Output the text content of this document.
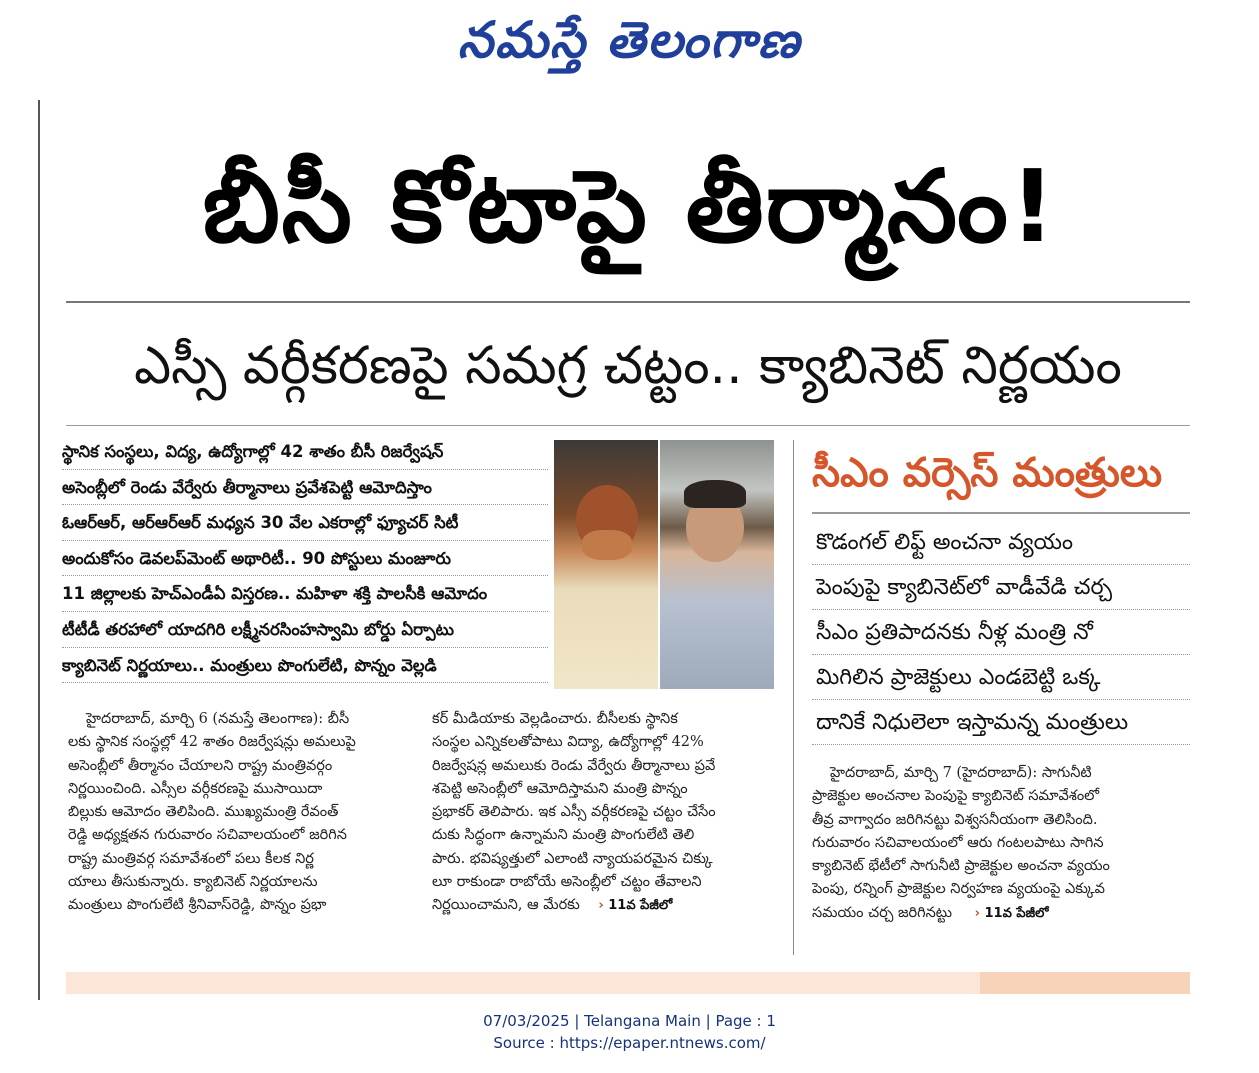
నమస్తే తెలంగాణ
బీసీ కోటాపై తీర్మానం!
ఎస్సీ వర్గీకరణపై సమగ్ర చట్టం.. క్యాబినెట్ నిర్ణయం
స్థానిక సంస్థలు, విద్య, ఉద్యోగాల్లో 42 శాతం బీసీ రిజర్వేషన్
అసెంబ్లీలో రెండు వేర్వేరు తీర్మానాలు ప్రవేశపెట్టి ఆమోదిస్తాం
ఓఆర్ఆర్, ఆర్ఆర్ఆర్ మధ్యన 30 వేల ఎకరాల్లో ఫ్యూచర్ సిటీ
అందుకోసం డెవలప్‌మెంట్ అథారిటీ.. 90 పోస్టులు మంజూరు
11 జిల్లాలకు హెచ్ఎండీఏ విస్తరణ.. మహిళా శక్తి పాలసీకి ఆమోదం
టీటీడీ తరహాలో యాదగిరి లక్ష్మీనరసింహస్వామి బోర్డు ఏర్పాటు
క్యాబినెట్ నిర్ణయాలు.. మంత్రులు పొంగులేటి, పొన్నం వెల్లడి
సీఎం వర్సెస్ మంత్రులు
కొడంగల్ లిఫ్ట్ అంచనా వ్యయం
పెంపుపై క్యాబినెట్‌లో వాడీవేడి చర్చ
సీఎం ప్రతిపాదనకు నీళ్ల మంత్రి నో
మిగిలిన ప్రాజెక్టులు ఎండబెట్టి ఒక్క
దానికే నిధులెలా ఇస్తామన్న మంత్రులు

హైదరాబాద్, మార్చి 6 (నమస్తే తెలంగాణ): బీసీ

లకు స్థానిక సంస్థల్లో 42 శాతం రిజర్వేషన్లు అమలుపై

అసెంబ్లీలో తీర్మానం చేయాలని రాష్ట్ర మంత్రివర్గం

నిర్ణయించింది. ఎస్సీల వర్గీకరణపై ముసాయిదా

బిల్లుకు ఆమోదం తెలిపింది. ముఖ్యమంత్రి రేవంత్

రెడ్డి అధ్యక్షతన గురువారం సచివాలయంలో జరిగిన

రాష్ట్ర మంత్రివర్గ సమావేశంలో పలు కీలక నిర్ణ

యాలు తీసుకున్నారు. క్యాబినెట్ నిర్ణయాలను

మంత్రులు పొంగులేటి శ్రీనివాస్‌రెడ్డి, పొన్నం ప్రభా

కర్ మీడియాకు వెల్లడించారు. బీసీలకు స్థానిక

సంస్థల ఎన్నికలతోపాటు విద్యా, ఉద్యోగాల్లో 42%

రిజర్వేషన్ల అమలుకు రెండు వేర్వేరు తీర్మానాలు ప్రవే

శపెట్టి అసెంబ్లీలో ఆమోదిస్తామని మంత్రి పొన్నం

ప్రభాకర్ తెలిపారు. ఇక ఎస్సీ వర్గీకరణపై చట్టం చేసేం

దుకు సిద్ధంగా ఉన్నామని మంత్రి పొంగులేటి తెలి

పారు. భవిష్యత్తులో ఎలాంటి న్యాయపరమైన చిక్కు

లూ రాకుండా రాబోయే అసెంబ్లీలో చట్టం తేవాలని

నిర్ణయించామని, ఆ మేరకు › 11వ పేజీలో

హైదరాబాద్, మార్చి 7 (హైదరాబాద్): సాగునీటి

ప్రాజెక్టుల అంచనాల పెంపుపై క్యాబినెట్ సమావేశంలో

తీవ్ర వాగ్వాదం జరిగినట్టు విశ్వసనీయంగా తెలిసింది.

గురువారం సచివాలయంలో ఆరు గంటలపాటు సాగిన

క్యాబినెట్ భేటీలో సాగునీటి ప్రాజెక్టుల అంచనా వ్యయం

పెంపు, రన్నింగ్ ప్రాజెక్టుల నిర్వహణ వ్యయంపై ఎక్కువ

సమయం చర్చ జరిగినట్టు › 11వ పేజీలో

07/03/2025 | Telangana Main | Page : 1
Source : https://epaper.ntnews.com/
